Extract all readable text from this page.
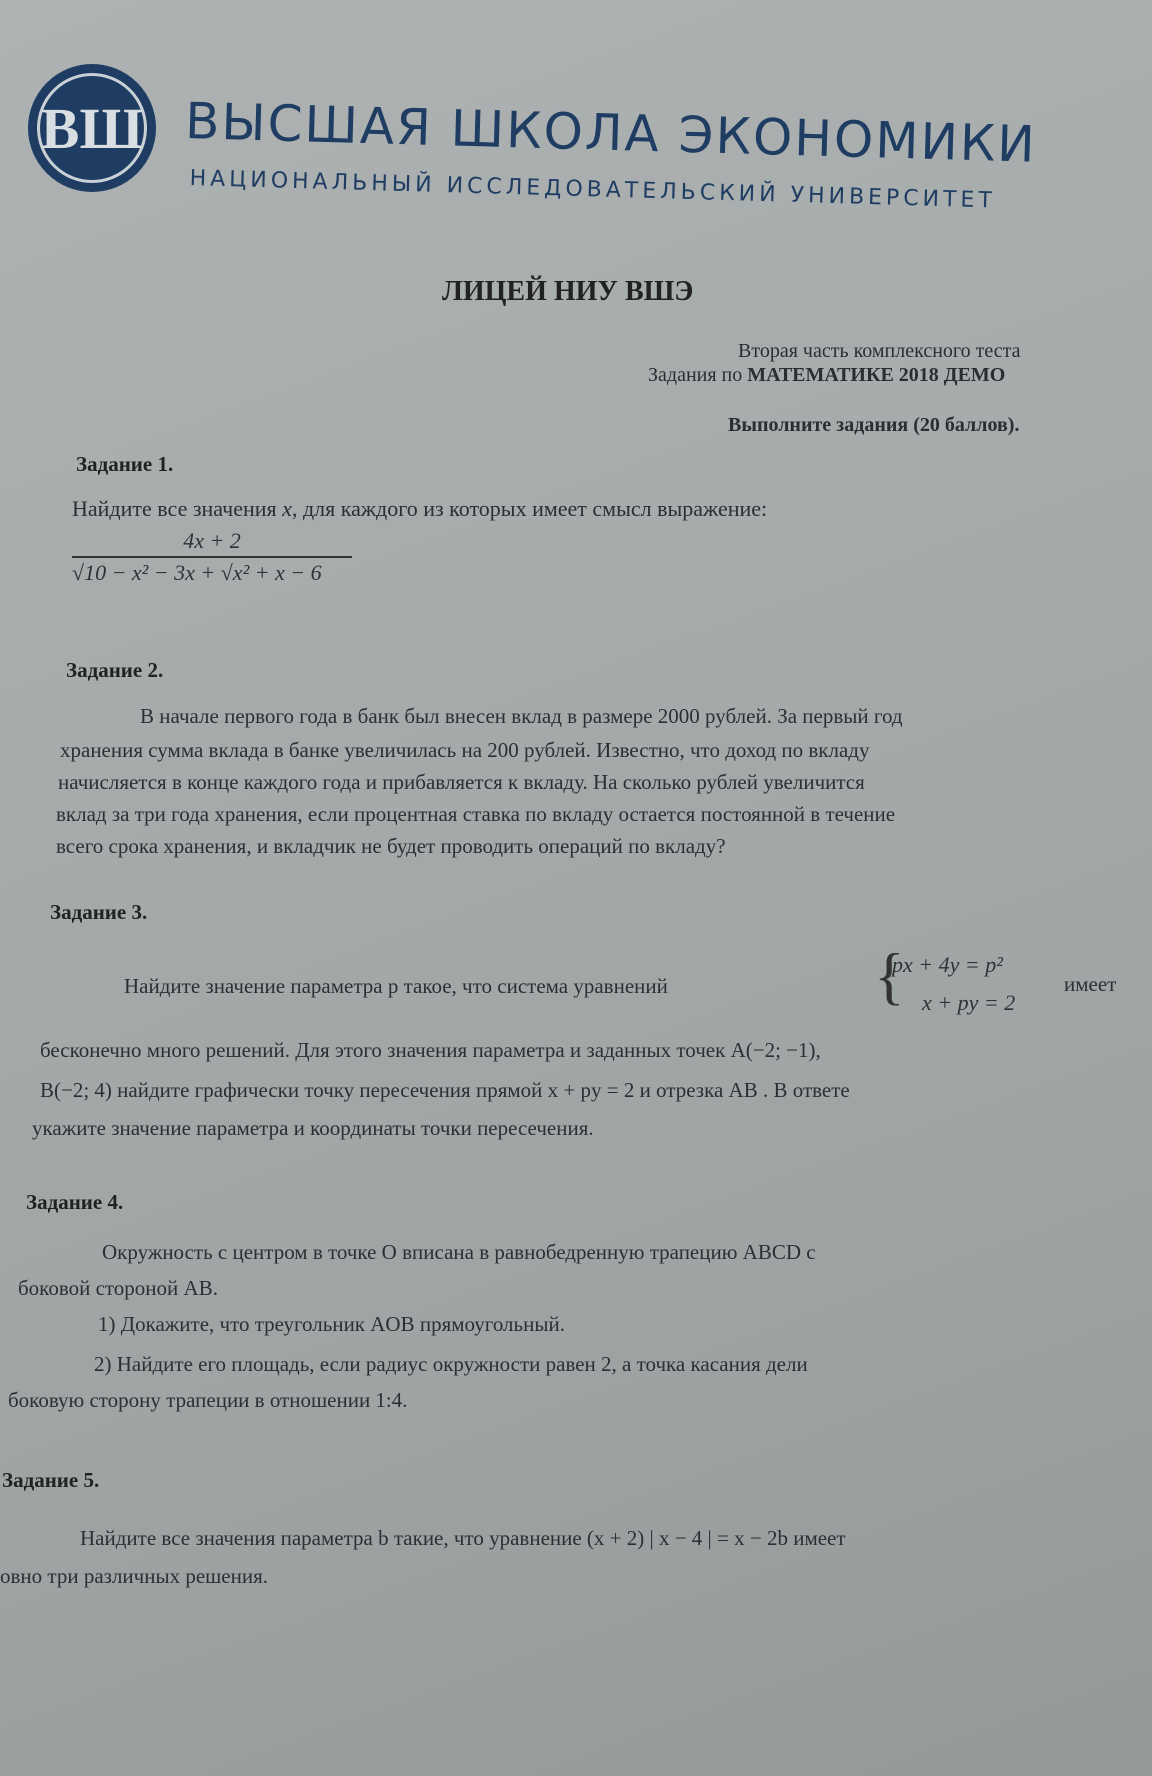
ВШ ВЫСШАЯ ШКОЛА ЭКОНОМИКИ
НАЦИОНАЛЬНЫЙ ИССЛЕДОВАТЕЛЬСКИЙ УНИВЕРСИТЕТ
ЛИЦЕЙ НИУ ВШЭ
Вторая часть комплексного теста
Задания по МАТЕМАТИКЕ 2018 ДЕМО
Выполните задания (20 баллов).
Задание 1.
Найдите все значения x, для каждого из которых имеет смысл выражение:
4x + 2
√10 − x² − 3x + √x² + x − 6
Задание 2.
В начале первого года в банк был внесен вклад в размере 2000 рублей. За первый год
хранения сумма вклада в банке увеличилась на 200 рублей. Известно, что доход по вкладу
начисляется в конце каждого года и прибавляется к вкладу. На сколько рублей увеличится
вклад за три года хранения, если процентная ставка по вкладу остается постоянной в течение
всего срока хранения, и вкладчик не будет проводить операций по вкладу?
Задание 3.
Найдите значение параметра p такое, что система уравнений	{
px + 4y = p²
x + py = 2
имеет
бесконечно много решений. Для этого значения параметра и заданных точек A(−2; −1),
B(−2; 4) найдите графически точку пересечения прямой x + py = 2 и отрезка AB . В ответе
укажите значение параметра и координаты точки пересечения.
Задание 4.
Окружность с центром в точке О вписана в равнобедренную трапецию ABCD с
боковой стороной AB.
1) Докажите, что треугольник AOB прямоугольный.
2) Найдите его площадь, если радиус окружности равен 2, а точка касания дели
боковую сторону трапеции в отношении 1:4.
Задание 5.
Найдите все значения параметра b такие, что уравнение (x + 2) | x − 4 | = x − 2b имеет
овно три различных решения.
